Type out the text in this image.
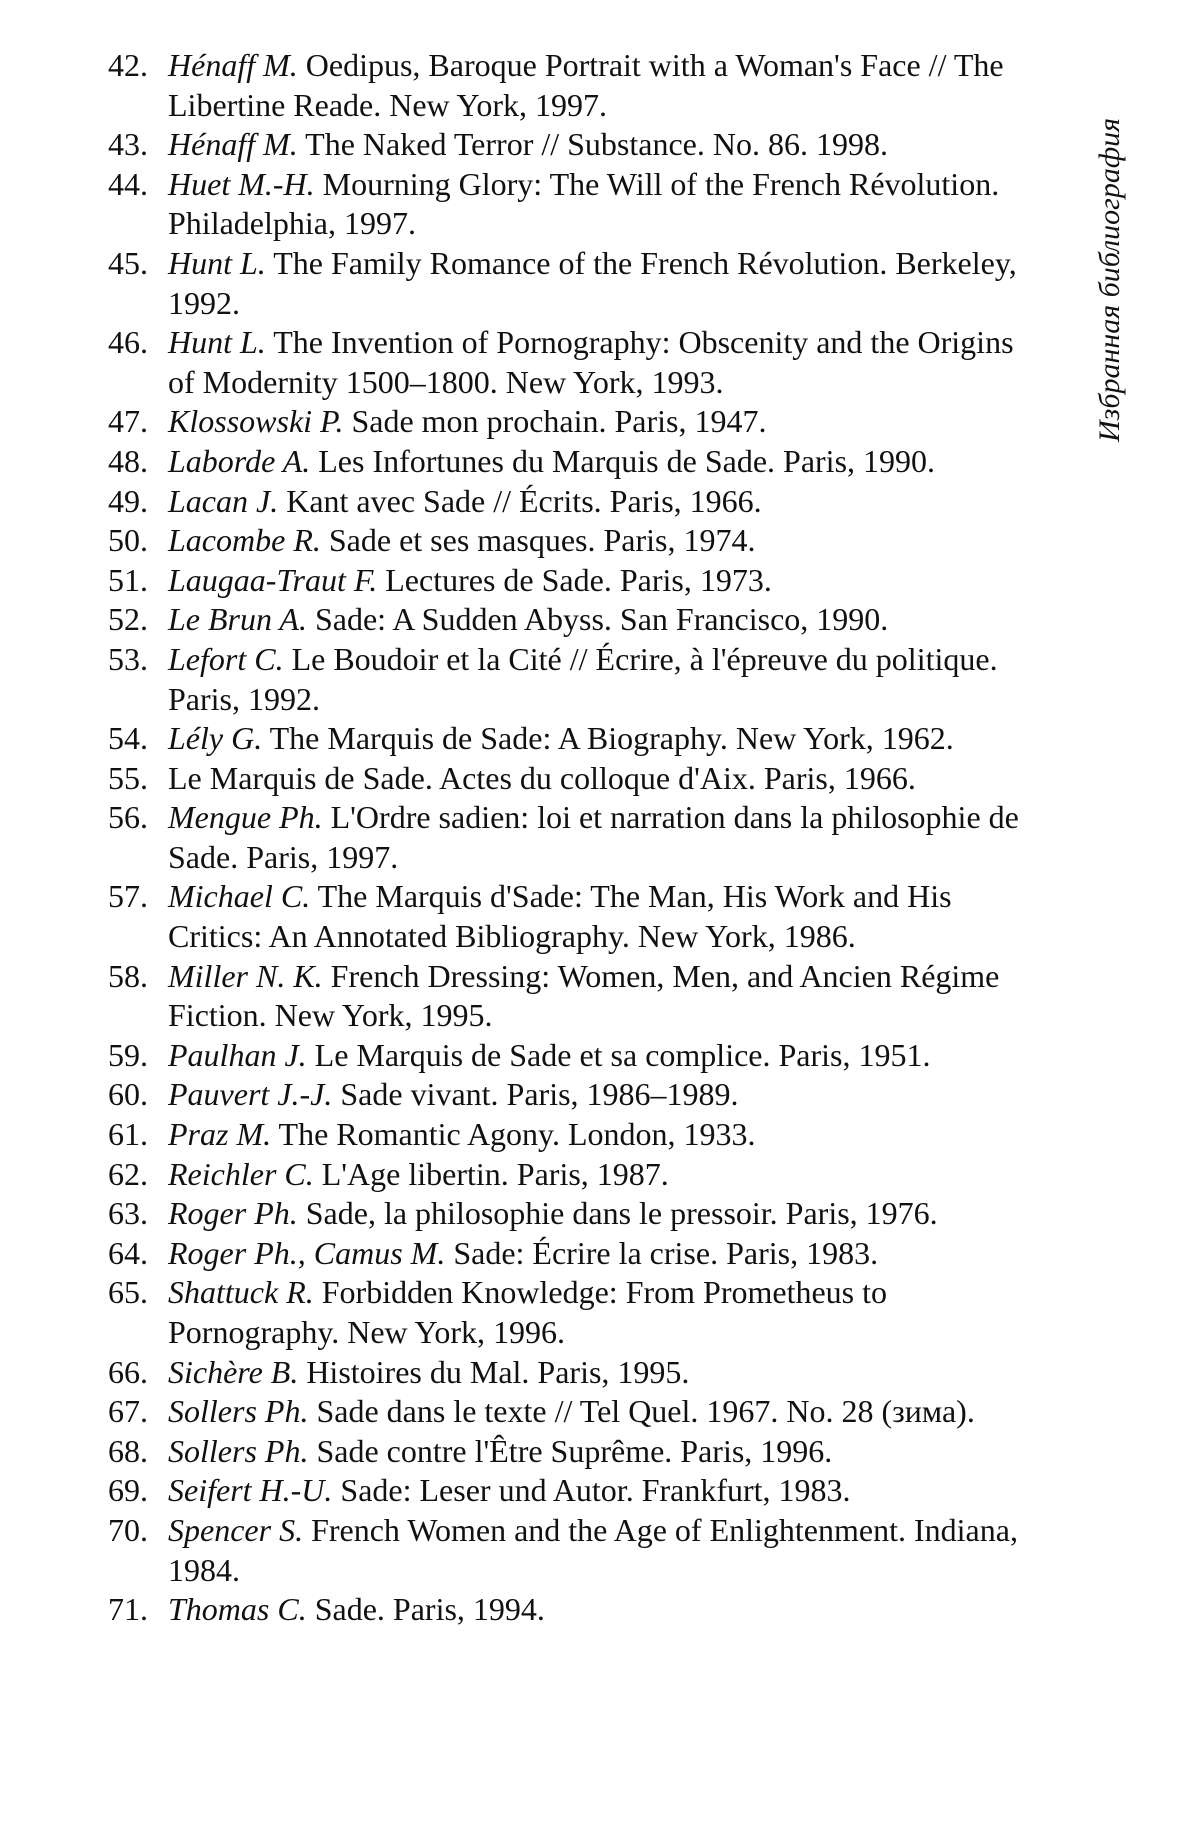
42. Hénaff M. Oedipus, Baroque Portrait with a Woman's Face // The Libertine Reade. New York, 1997.
43. Hénaff M. The Naked Terror // Substance. No. 86. 1998.
44. Huet M.-H. Mourning Glory: The Will of the French Révolution. Philadelphia, 1997.
45. Hunt L. The Family Romance of the French Révolution. Berkeley, 1992.
46. Hunt L. The Invention of Pornography: Obscenity and the Origins of Modernity 1500–1800. New York, 1993.
47. Klossowski P. Sade mon prochain. Paris, 1947.
48. Laborde A. Les Infortunes du Marquis de Sade. Paris, 1990.
49. Lacan J. Kant avec Sade // Écrits. Paris, 1966.
50. Lacombe R. Sade et ses masques. Paris, 1974.
51. Laugaa-Traut F. Lectures de Sade. Paris, 1973.
52. Le Brun A. Sade: A Sudden Abyss. San Francisco, 1990.
53. Lefort C. Le Boudoir et la Cité // Écrire, à l'épreuve du politique. Paris, 1992.
54. Lély G. The Marquis de Sade: A Biography. New York, 1962.
55. Le Marquis de Sade. Actes du colloque d'Aix. Paris, 1966.
56. Mengue Ph. L'Ordre sadien: loi et narration dans la philosophie de Sade. Paris, 1997.
57. Michael C. The Marquis d'Sade: The Man, His Work and His Critics: An Annotated Bibliography. New York, 1986.
58. Miller N. K. French Dressing: Women, Men, and Ancien Régime Fiction. New York, 1995.
59. Paulhan J. Le Marquis de Sade et sa complice. Paris, 1951.
60. Pauvert J.-J. Sade vivant. Paris, 1986–1989.
61. Praz M. The Romantic Agony. London, 1933.
62. Reichler C. L'Age libertin. Paris, 1987.
63. Roger Ph. Sade, la philosophie dans le pressoir. Paris, 1976.
64. Roger Ph., Camus M. Sade: Écrire la crise. Paris, 1983.
65. Shattuck R. Forbidden Knowledge: From Prometheus to Pornography. New York, 1996.
66. Sichère B. Histoires du Mal. Paris, 1995.
67. Sollers Ph. Sade dans le texte // Tel Quel. 1967. No. 28 (зима).
68. Sollers Ph. Sade contre l'Être Suprême. Paris, 1996.
69. Seifert H.-U. Sade: Leser und Autor. Frankfurt, 1983.
70. Spencer S. French Women and the Age of Enlightenment. Indiana, 1984.
71. Thomas C. Sade. Paris, 1994.
Избранная библиография
